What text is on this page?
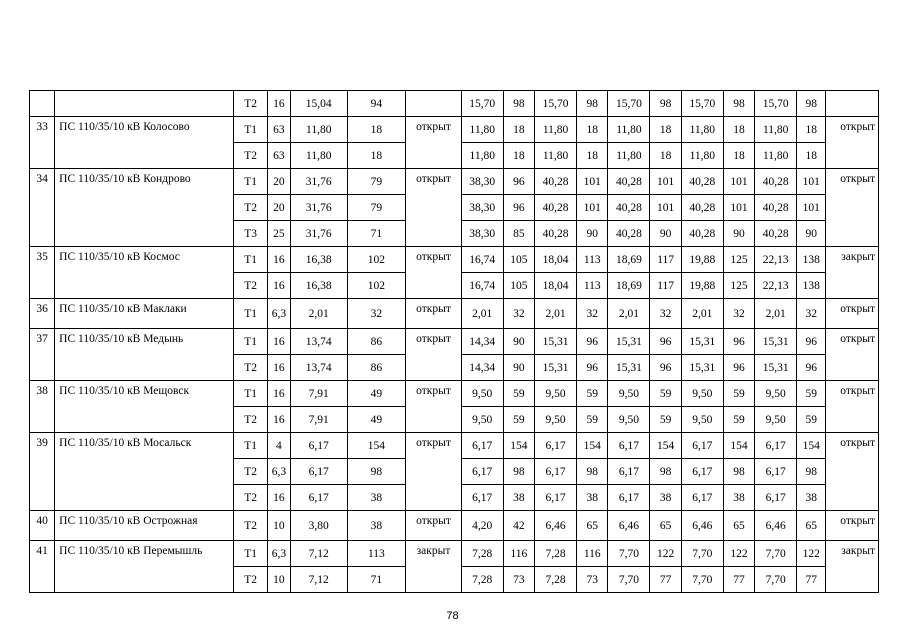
		Т2	16	15,04	94		15,70	98	15,70	98	15,70	98	15,70	98	15,70	98	
33	ПС 110/35/10 кВ Колосово	Т1	63	11,80	18	открыт	11,80	18	11,80	18	11,80	18	11,80	18	11,80	18	открыт
		Т2	63	11,80	18		11,80	18	11,80	18	11,80	18	11,80	18	11,80	18	
34	ПС 110/35/10 кВ Кондрово	Т1	20	31,76	79	открыт	38,30	96	40,28	101	40,28	101	40,28	101	40,28	101	открыт
		Т2	20	31,76	79		38,30	96	40,28	101	40,28	101	40,28	101	40,28	101	
		Т3	25	31,76	71		38,30	85	40,28	90	40,28	90	40,28	90	40,28	90	
35	ПС 110/35/10 кВ Космос	Т1	16	16,38	102	открыт	16,74	105	18,04	113	18,69	117	19,88	125	22,13	138	закрыт
		Т2	16	16,38	102		16,74	105	18,04	113	18,69	117	19,88	125	22,13	138	
36	ПС 110/35/10 кВ Маклаки	Т1	6,3	2,01	32	открыт	2,01	32	2,01	32	2,01	32	2,01	32	2,01	32	открыт
37	ПС 110/35/10 кВ Медынь	Т1	16	13,74	86	открыт	14,34	90	15,31	96	15,31	96	15,31	96	15,31	96	открыт
		Т2	16	13,74	86		14,34	90	15,31	96	15,31	96	15,31	96	15,31	96	
38	ПС 110/35/10 кВ Мещовск	Т1	16	7,91	49	открыт	9,50	59	9,50	59	9,50	59	9,50	59	9,50	59	открыт
		Т2	16	7,91	49		9,50	59	9,50	59	9,50	59	9,50	59	9,50	59	
39	ПС 110/35/10 кВ Мосальск	Т1	4	6,17	154	открыт	6,17	154	6,17	154	6,17	154	6,17	154	6,17	154	открыт
		Т2	6,3	6,17	98		6,17	98	6,17	98	6,17	98	6,17	98	6,17	98	
		Т2	16	6,17	38		6,17	38	6,17	38	6,17	38	6,17	38	6,17	38	
40	ПС 110/35/10 кВ Острожная	Т2	10	3,80	38	открыт	4,20	42	6,46	65	6,46	65	6,46	65	6,46	65	открыт
41	ПС 110/35/10 кВ Перемышль	Т1	6,3	7,12	113	закрыт	7,28	116	7,28	116	7,70	122	7,70	122	7,70	122	закрыт
		Т2	10	7,12	71		7,28	73	7,28	73	7,70	77	7,70	77	7,70	77	
78
